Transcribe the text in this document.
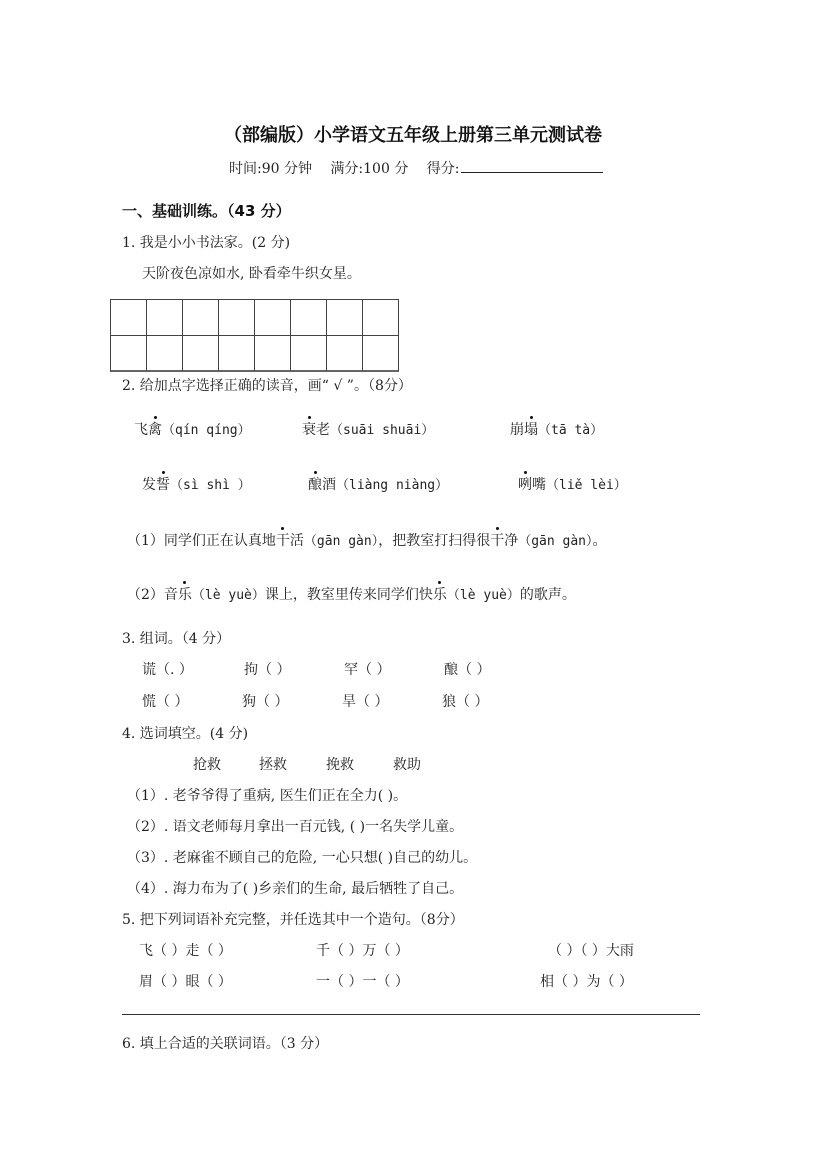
（部编版）小学语文五年级上册第三单元测试卷
时间:90 分钟 满分:100 分 得分:
一、基础训练。（43 分）
1. 我是小小书法家。(2 分)
天阶夜色凉如水, 卧看牵牛织女星。
2. 给加点字选择正确的读音，画“ √ ”。（8分）
飞禽（qín qíng）	衰老（suāi shuāi）	崩塌（tā tà）
发誓（sì shì ）	酿酒（liàng niàng）	咧嘴（liě lèi）
（1）同学们正在认真地干活（gān gàn），把教室打扫得很干净（gān gàn）。
（2）音乐（lè yuè）课上，教室里传来同学们快乐（lè yuè）的歌声。
3. 组词。（4 分）
谎（. ）	拘（ ）	罕（ ）	酿（ ）
慌（ ）	狗（ ）	旱（ ）	狼（ ）
4. 选词填空。(4 分)
抢救	拯救	挽救	救助
（1）. 老爷爷得了重病, 医生们正在全力( )。
（2）. 语文老师每月拿出一百元钱, ( )一名失学儿童。
（3）. 老麻雀不顾自己的危险, 一心只想( )自己的幼儿。
（4）. 海力布为了( )乡亲们的生命, 最后牺牲了自己。
5. 把下列词语补充完整，并任选其中一个造句。（8分）
飞（ ）走（ ）	千（ ）万（ ）	（ ）（ ）大雨
眉（ ）眼（ ）	一（ ）一（ ）	相（ ）为（ ）
6. 填上合适的关联词语。（3 分）
